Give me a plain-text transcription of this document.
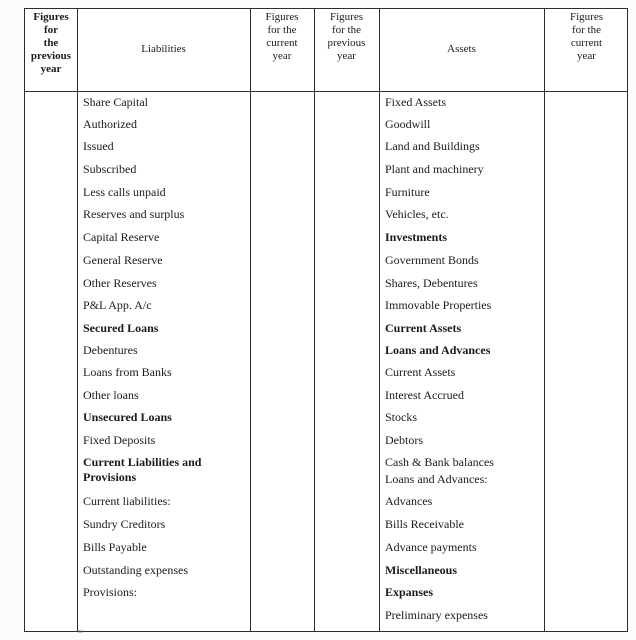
Figures
for
the
previous
year
Liabilities
Figures
for the
current
year
Figures
for the
previous
year
Assets
Figures
for the
current
year
Share Capital
Authorized
Issued
Subscribed
Less calls unpaid
Reserves and surplus
Capital Reserve
General Reserve
Other Reserves
P&L App. A/c
Secured Loans
Debentures
Loans from Banks
Other loans
Unsecured Loans
Fixed Deposits
Current Liabilities and
Provisions
Current liabilities:
Sundry Creditors
Bills Payable
Outstanding expenses
Provisions:
Fixed Assets
Goodwill
Land and Buildings
Plant and machinery
Furniture
Vehicles, etc.
Investments
Government Bonds
Shares, Debentures
Immovable Properties
Current Assets
Loans and Advances
Current Assets
Interest Accrued
Stocks
Debtors
Cash & Bank balances
Loans and Advances:
Advances
Bills Receivable
Advance payments
Miscellaneous
Expanses
Preliminary expenses
